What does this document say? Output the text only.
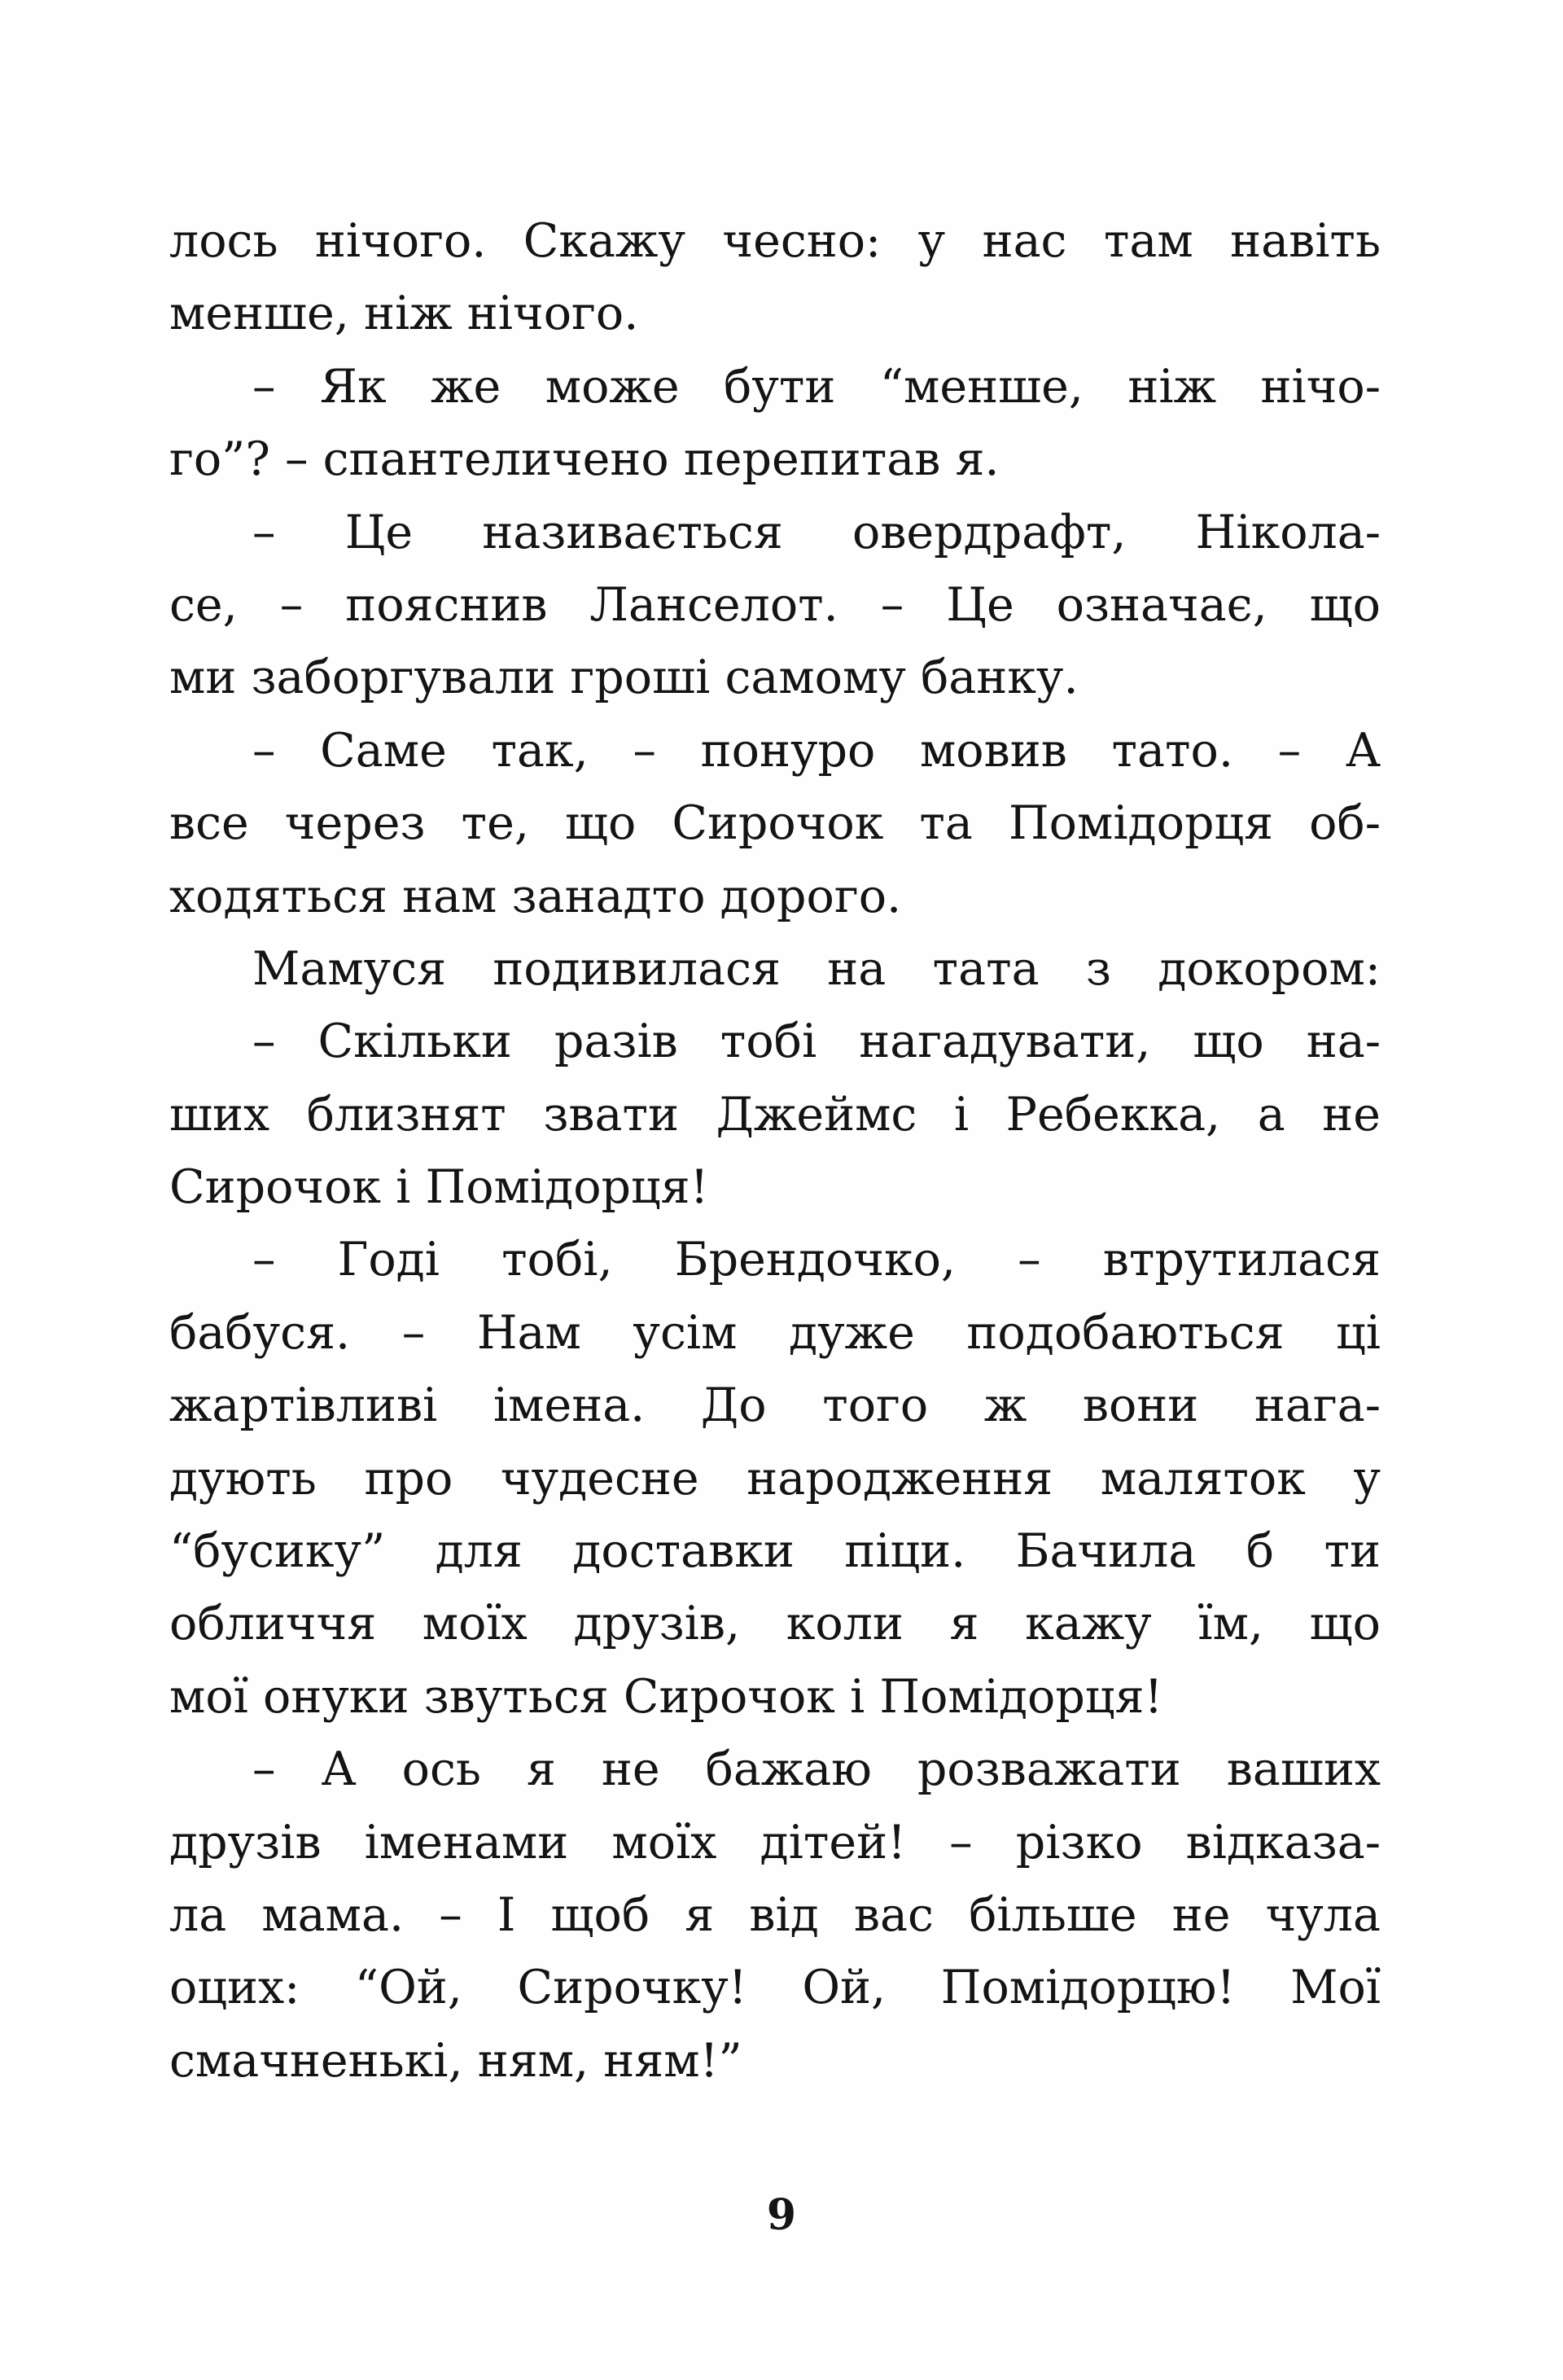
лось нічого. Скажу чесно: у нас там навіть
менше, ніж нічого.
– Як же може бути “менше, ніж нічо-
го”? – спантеличено перепитав я.
– Це називається овердрафт, Ніколa-
се, – пояснив Ланселот. – Це означає, що
ми заборгували гроші самому банку.
– Саме так, – понуро мовив тато. – А
все через те, що Сирочок та Помідорця об-
ходяться нам занадто дорого.
Мамуся подивилася на тата з докором:
– Скільки разів тобі нагадувати, що на-
ших близнят звати Джеймс і Ребекка, а не
Сирочок і Помідорця!
– Годі тобі, Брендочко, – втрутилася
бабуся. – Нам усім дуже подобаються ці
жартівливі імена. До того ж вони нага-
дують про чудесне народження малятoк у
“бусику” для доставки піци. Бачила б ти
обличчя моїх друзів, коли я кажу їм, що
мої онуки звуться Сирочок і Помідорця!
– А ось я не бажаю розважати ваших
друзів іменами моїх дітей! – різко відказа-
ла мама. – І щоб я від вас більше не чула
оцих: “Ой, Сирочку! Ой, Помідорцю! Мої
смачненькі, ням, ням!”
9
